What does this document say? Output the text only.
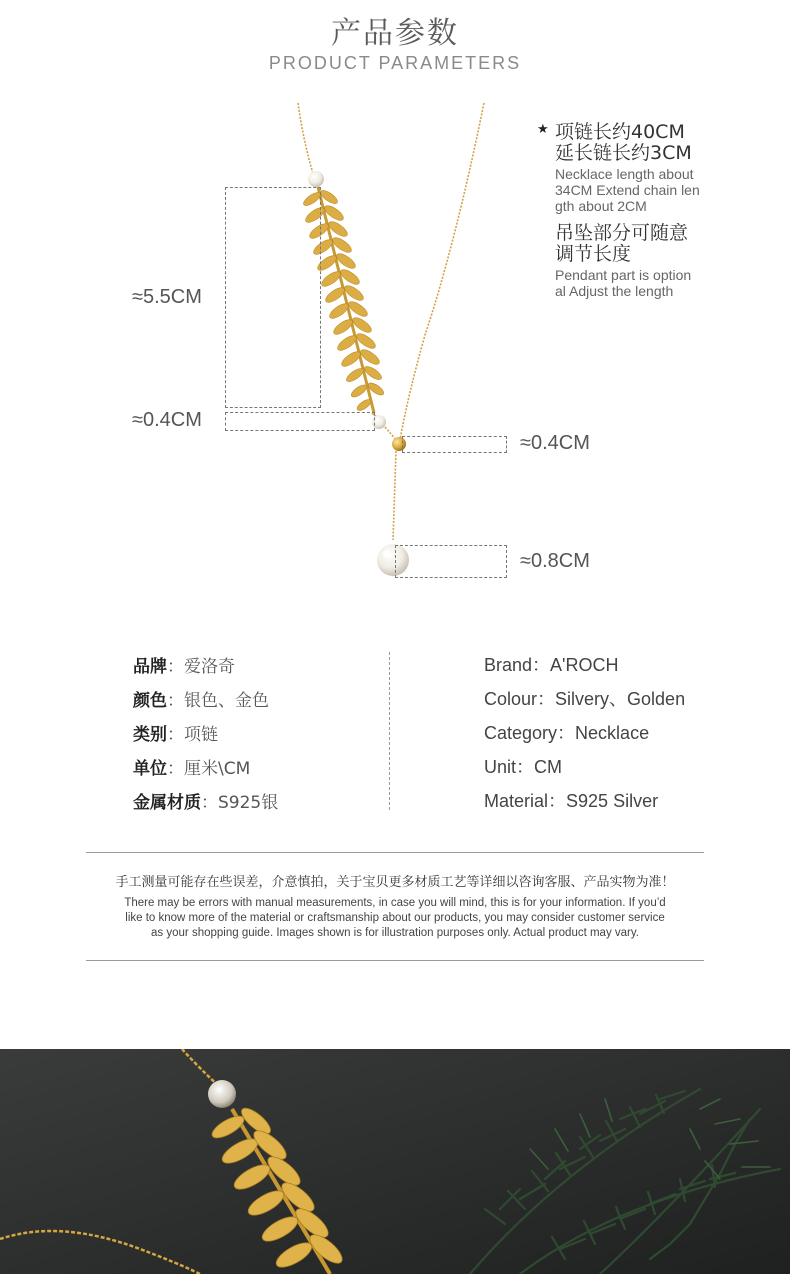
产品参数
PRODUCT PARAMETERS
≈5.5CM
≈0.4CM
≈0.4CM
≈0.8CM
★ 项链长约40CM
延长链长约3CM
Necklace length about
34CM Extend chain len
gth about 2CM
吊坠部分可随意
调节长度
Pendant part is option
al Adjust the length
品牌：爱洛奇
颜色：银色、金色
类别：项链
单位：厘米\CM
金属材质：S925银
Brand：A'ROCH
Colour：Silvery、Golden
Category：Necklace
Unit：CM
Material：S925 Silver
手工测量可能存在些误差，介意慎拍，关于宝贝更多材质工艺等详细以咨询客服、产品实物为准！
There may be errors with manual measurements, in case you will mind, this is for your information. If you’d
like to know more of the material or craftsmanship about our products, you may consider customer service
as your shopping guide. Images shown is for illustration purposes only. Actual product may vary.
